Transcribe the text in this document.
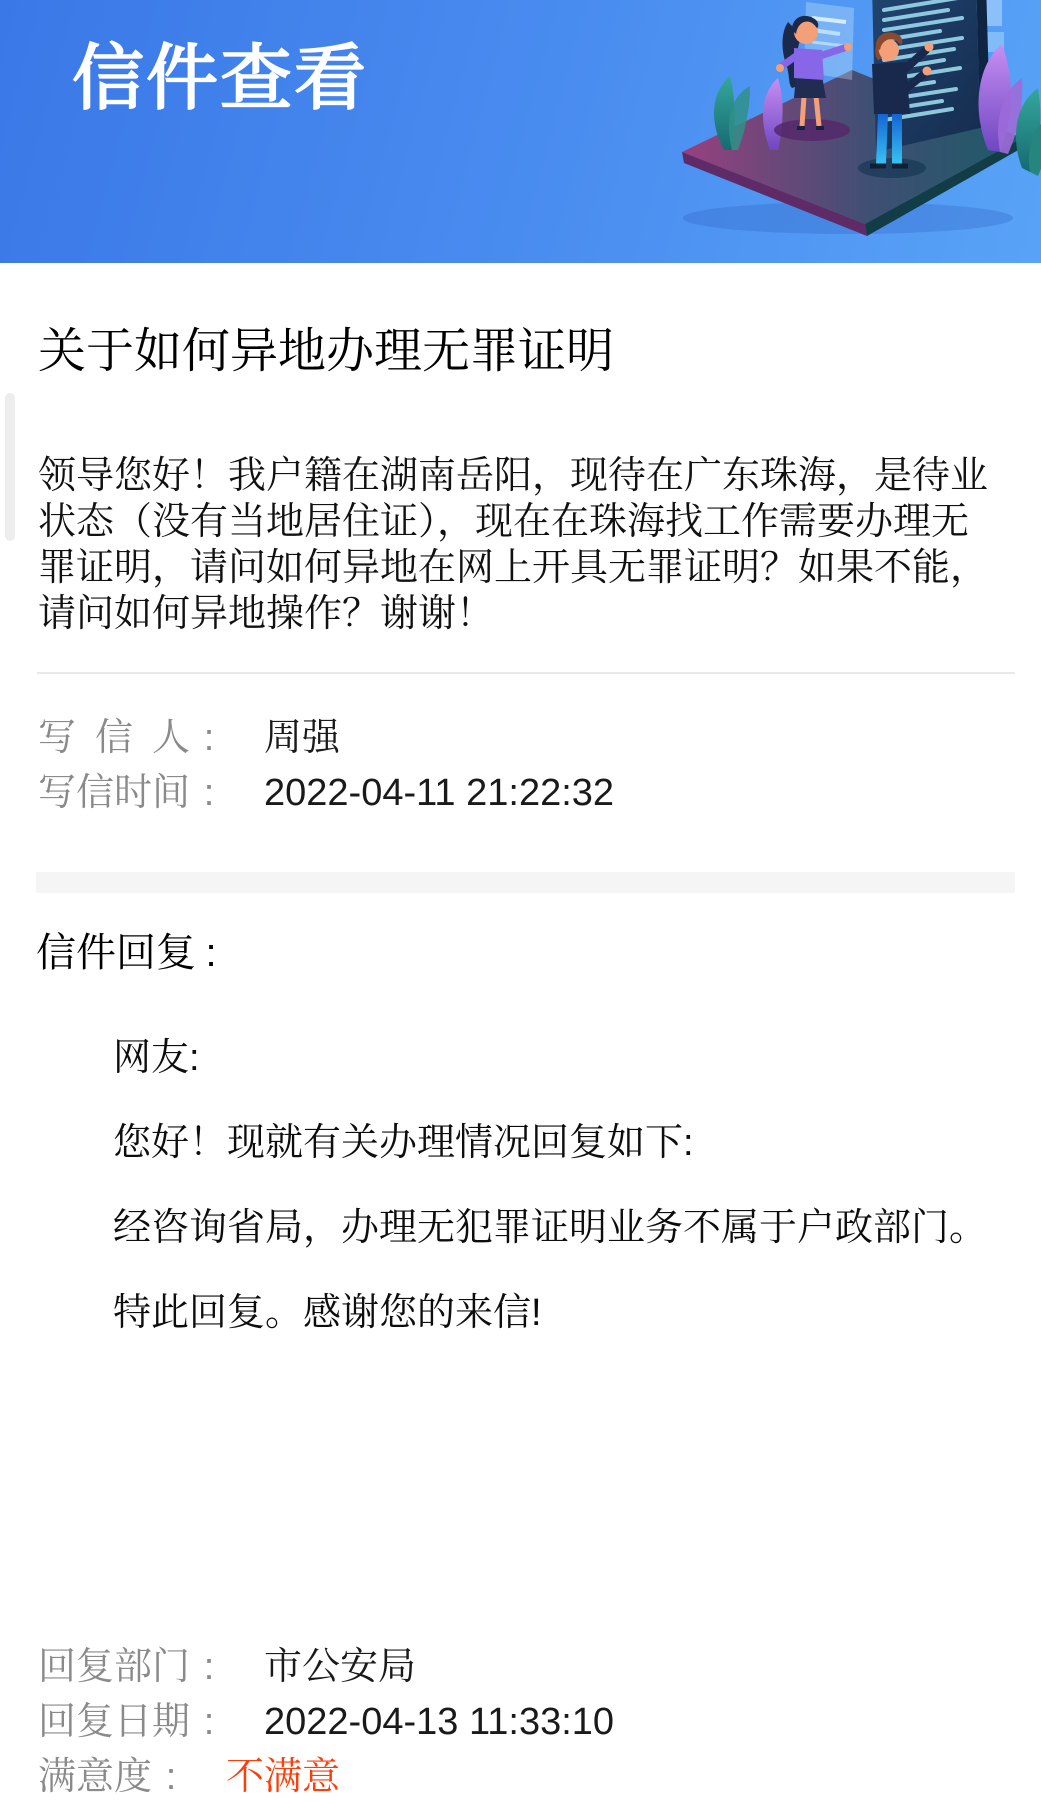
信件查看
关于如何异地办理无罪证明

领导您好！我户籍在湖南岳阳，现待在广东珠海，是待业状态（没有当地居住证），现在在珠海找工作需要办理无罪证明，请问如何异地在网上开具无罪证明？如果不能，请问如何异地操作？谢谢！

写信人 : 周强
写信时间 : 2022-04-11 21:22:32
信件回复 :

网友:

您好！现就有关办理情况回复如下:

经咨询省局，办理无犯罪证明业务不属于户政部门。

特此回复。感谢您的来信!

回复部门 : 市公安局
回复日期 : 2022-04-13 11:33:10
满意度 : 不满意
